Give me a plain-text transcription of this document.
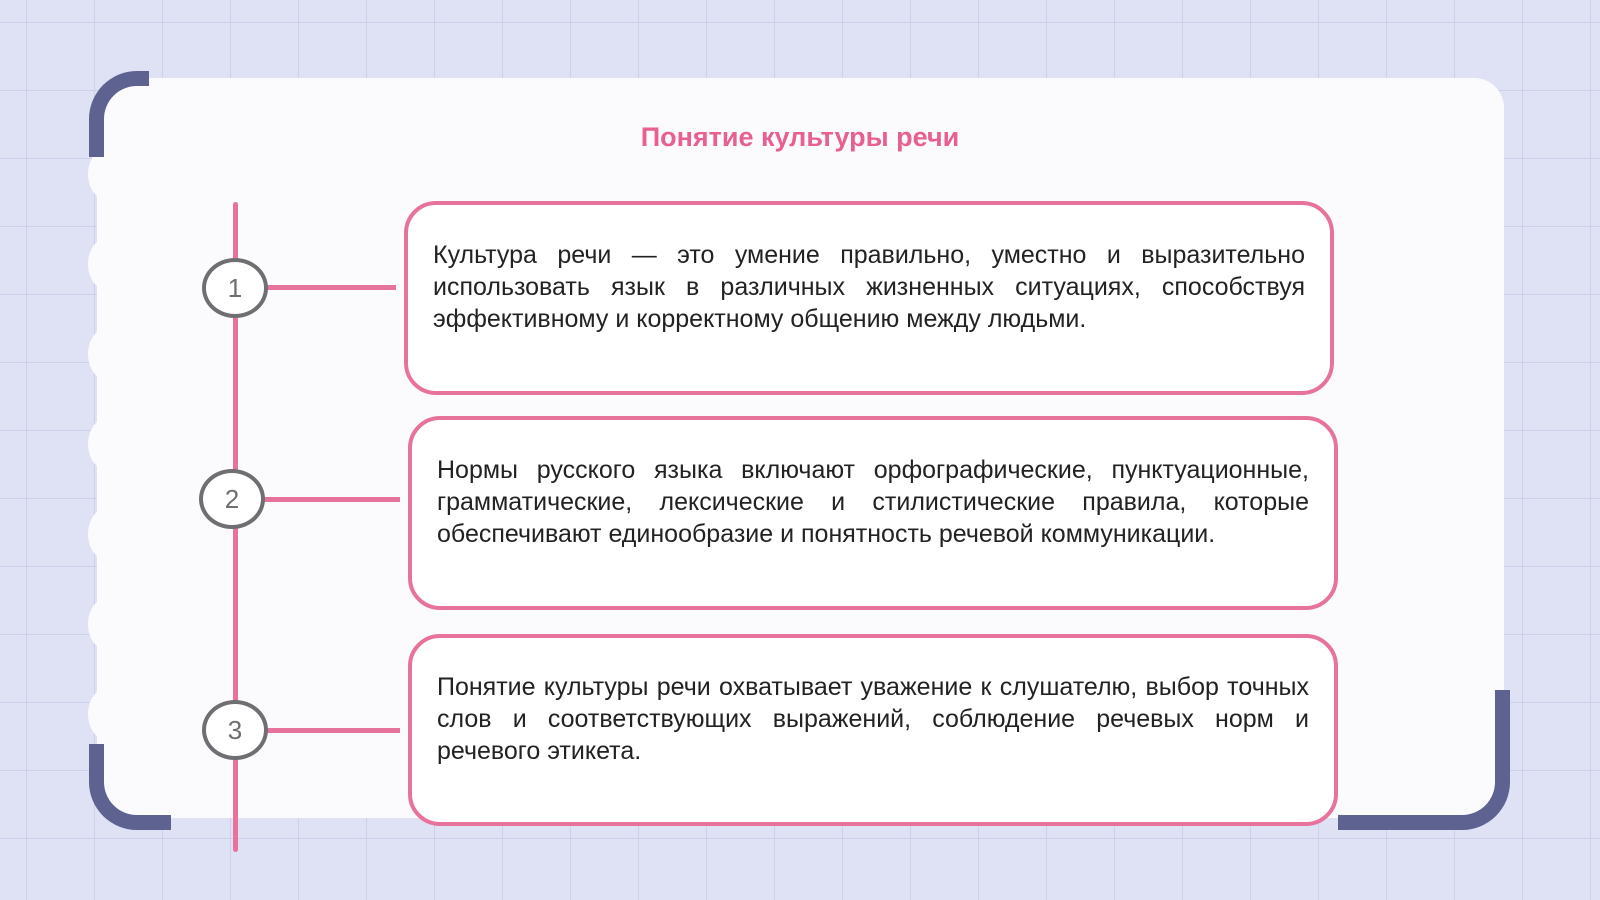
Понятие культуры речи
1

Культура речи — это умение правильно, уместно и выразительно использовать язык в различных жизненных ситуациях, способствуя эффективному и корректному общению между людьми.

2

Нормы русского языка включают орфографические, пунктуационные, грамматические, лексические и стилистические правила, которые обеспечивают единообразие и понятность речевой коммуникации.

3

Понятие культуры речи охватывает уважение к слушателю, выбор точных слов и соответствующих выражений, соблюдение речевых норм и речевого этикета.
